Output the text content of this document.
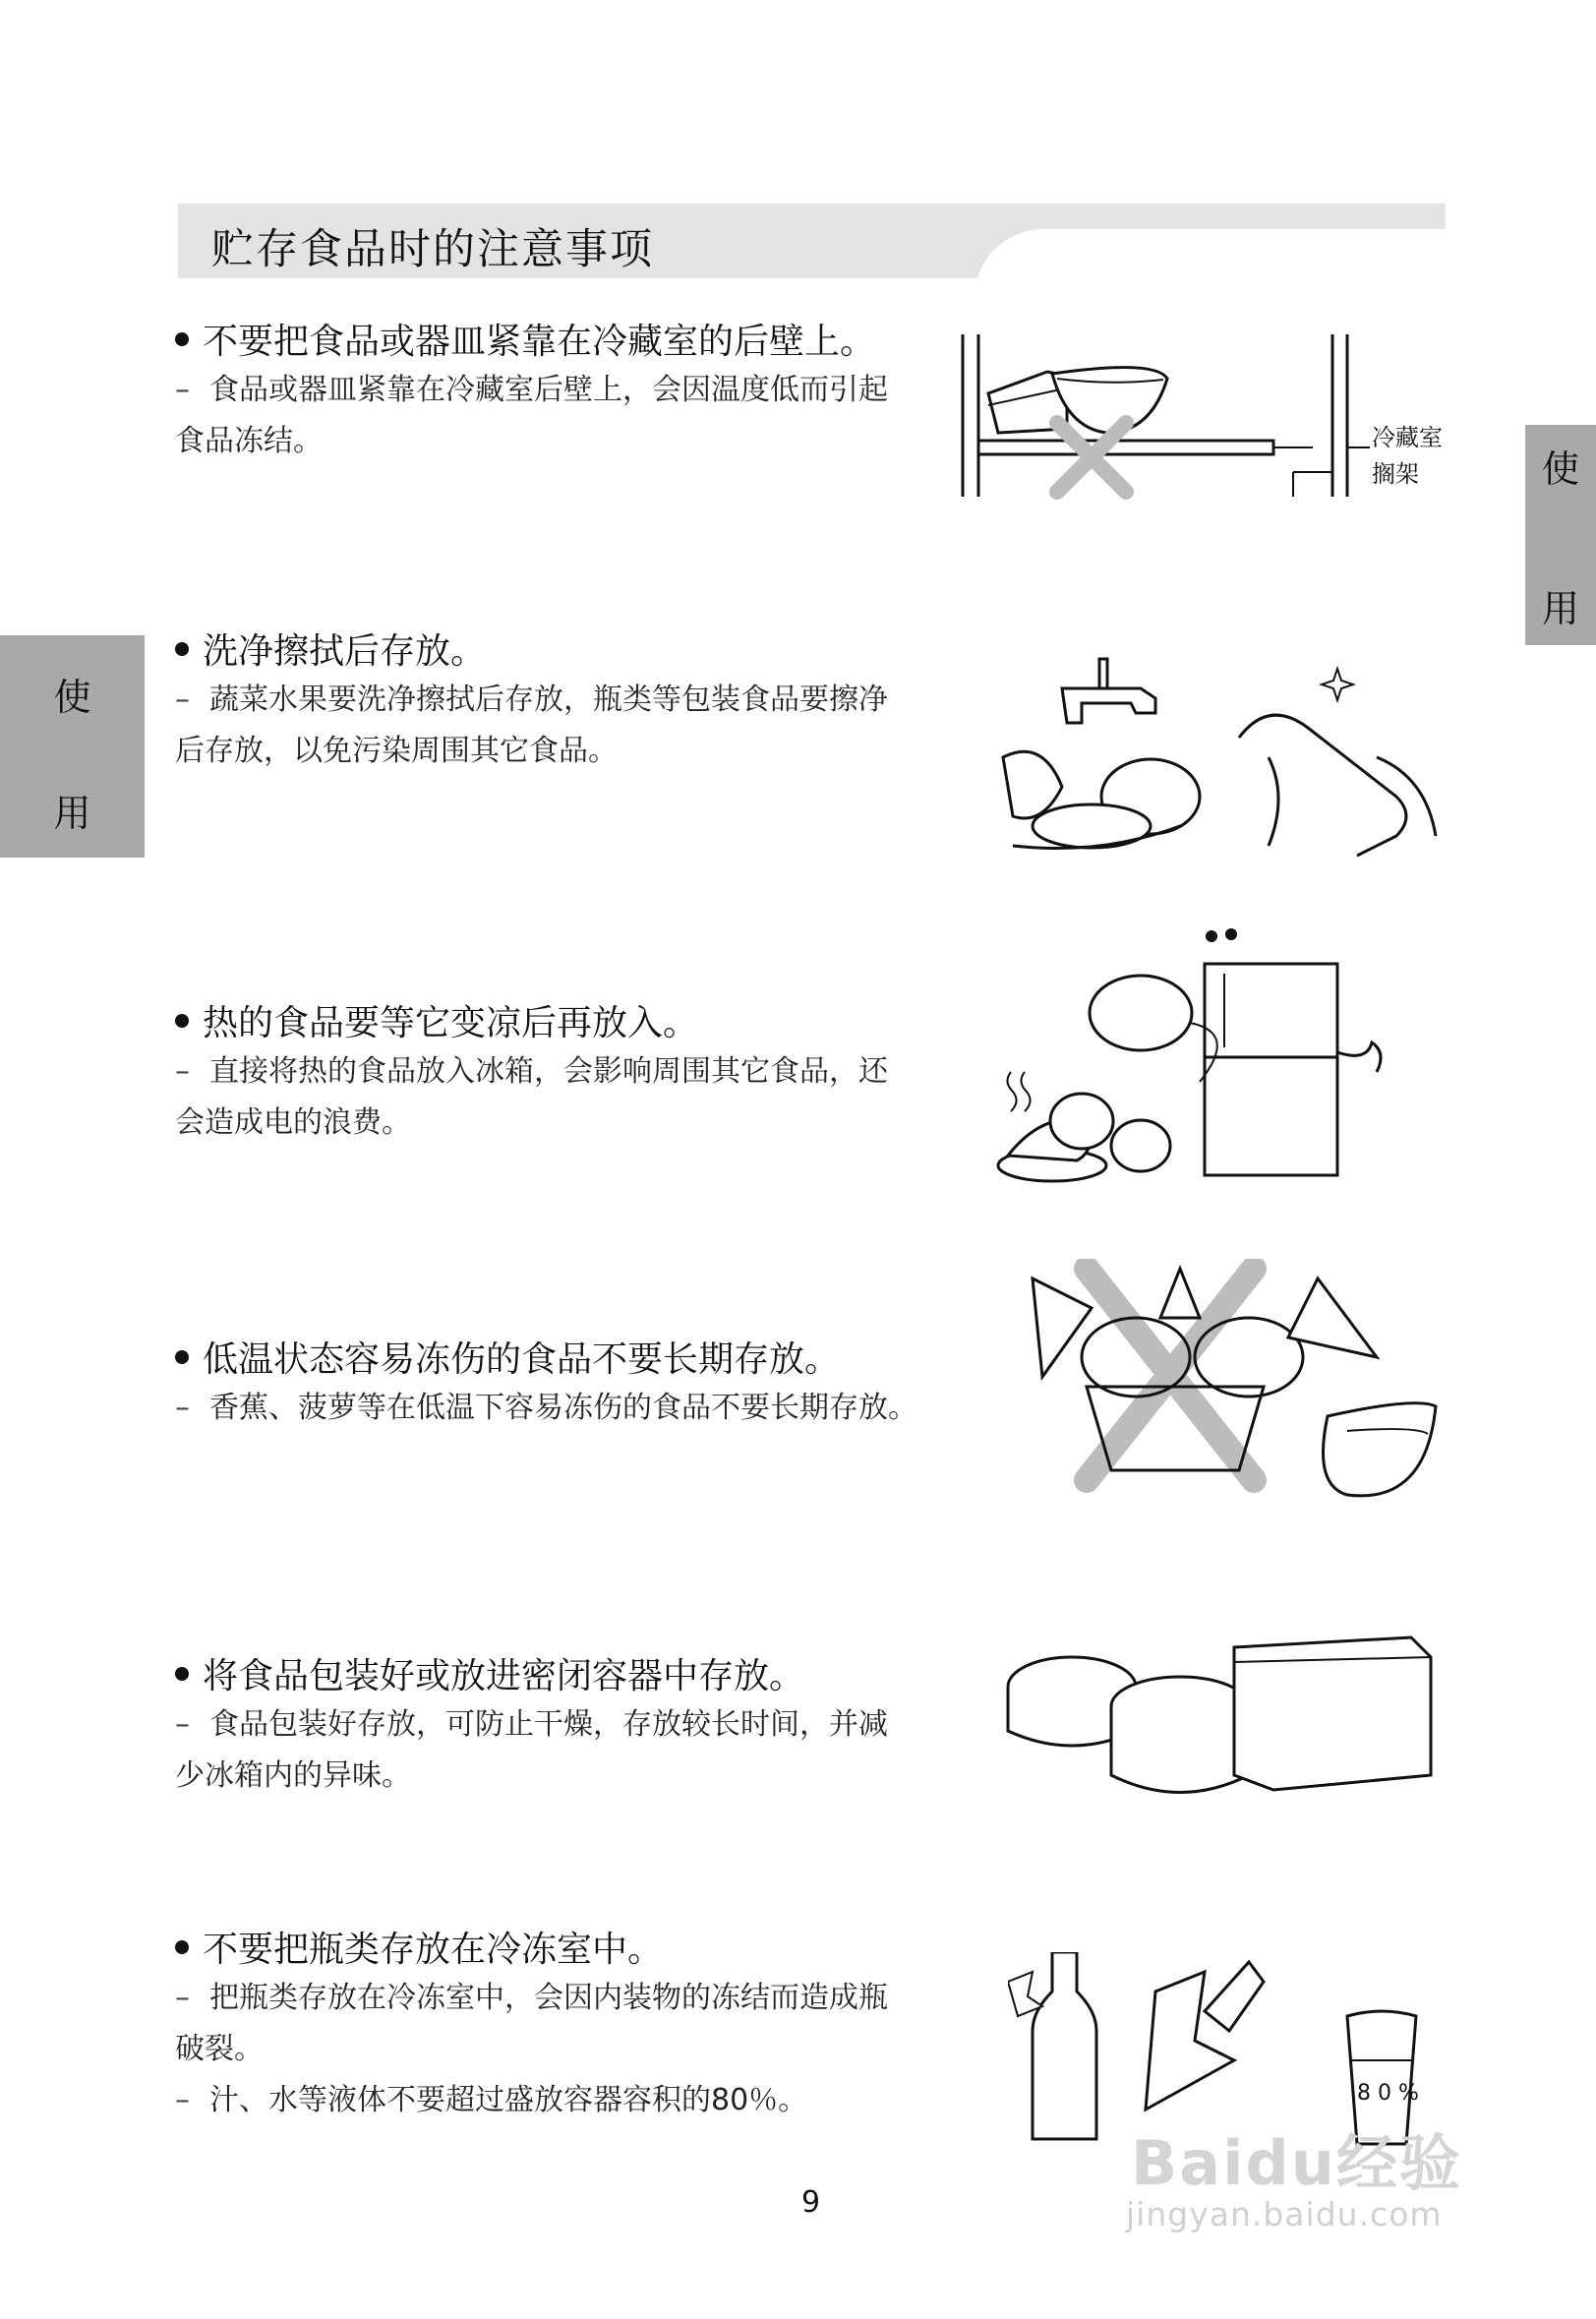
贮存食品时的注意事项
使
用
使
用
不要把食品或器皿紧靠在冷藏室的后壁上。
– 食品或器皿紧靠在冷藏室后壁上，会因温度低而引起
食品冻结。	冷藏室
搁架
洗净擦拭后存放。
– 蔬菜水果要洗净擦拭后存放，瓶类等包装食品要擦净
后存放，以免污染周围其它食品。
热的食品要等它变凉后再放入。
– 直接将热的食品放入冰箱，会影响周围其它食品，还
会造成电的浪费。
低温状态容易冻伤的食品不要长期存放。
– 香蕉、菠萝等在低温下容易冻伤的食品不要长期存放。
将食品包装好或放进密闭容器中存放。
– 食品包装好存放，可防止干燥，存放较长时间，并减
少冰箱内的异味。
不要把瓶类存放在冷冻室中。
– 把瓶类存放在冷冻室中，会因内装物的冻结而造成瓶
破裂。
– 汁、水等液体不要超过盛放容器容积的80％。	8 0 %
9
Baidu经验
jingyan.baidu.com
